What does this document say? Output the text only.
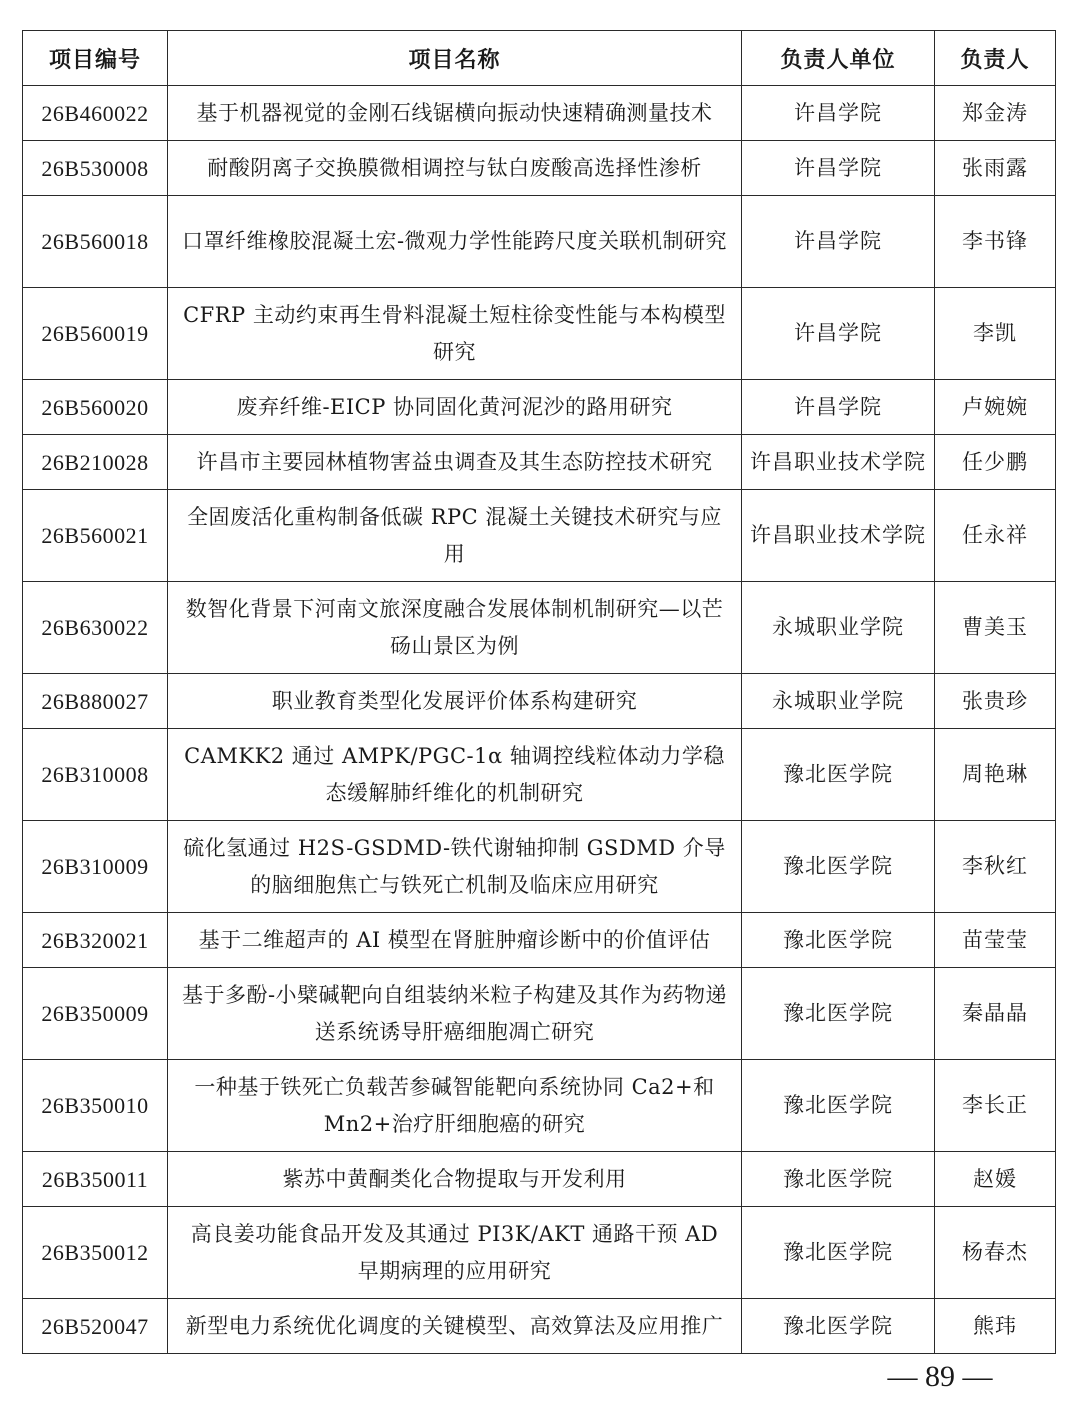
项目编号	项目名称	负责人单位	负责人
26B460022	基于机器视觉的金刚石线锯横向振动快速精确测量技术	许昌学院	郑金涛
26B530008	耐酸阴离子交换膜微相调控与钛白废酸高选择性渗析	许昌学院	张雨露
26B560018	口罩纤维橡胶混凝土宏-微观力学性能跨尺度关联机制研究	许昌学院	李书锋
26B560019	CFRP 主动约束再生骨料混凝土短柱徐变性能与本构模型研究	许昌学院	李凯
26B560020	废弃纤维-EICP 协同固化黄河泥沙的路用研究	许昌学院	卢婉婉
26B210028	许昌市主要园林植物害益虫调查及其生态防控技术研究	许昌职业技术学院	任少鹏
26B560021	全固废活化重构制备低碳 RPC 混凝土关键技术研究与应用	许昌职业技术学院	任永祥
26B630022	数智化背景下河南文旅深度融合发展体制机制研究—以芒砀山景区为例	永城职业学院	曹美玉
26B880027	职业教育类型化发展评价体系构建研究	永城职业学院	张贵珍
26B310008	CAMKK2 通过 AMPK/PGC-1α 轴调控线粒体动力学稳态缓解肺纤维化的机制研究	豫北医学院	周艳琳
26B310009	硫化氢通过 H2S-GSDMD-铁代谢轴抑制 GSDMD 介导的脑细胞焦亡与铁死亡机制及临床应用研究	豫北医学院	李秋红
26B320021	基于二维超声的 AI 模型在肾脏肿瘤诊断中的价值评估	豫北医学院	苗莹莹
26B350009	基于多酚-小檗碱靶向自组装纳米粒子构建及其作为药物递送系统诱导肝癌细胞凋亡研究	豫北医学院	秦晶晶
26B350010	一种基于铁死亡负载苦参碱智能靶向系统协同 Ca2+和 Mn2+治疗肝细胞癌的研究	豫北医学院	李长正
26B350011	紫苏中黄酮类化合物提取与开发利用	豫北医学院	赵媛
26B350012	高良姜功能食品开发及其通过 PI3K/AKT 通路干预 AD 早期病理的应用研究	豫北医学院	杨春杰
26B520047	新型电力系统优化调度的关键模型、高效算法及应用推广	豫北医学院	熊玮
— 89 —
